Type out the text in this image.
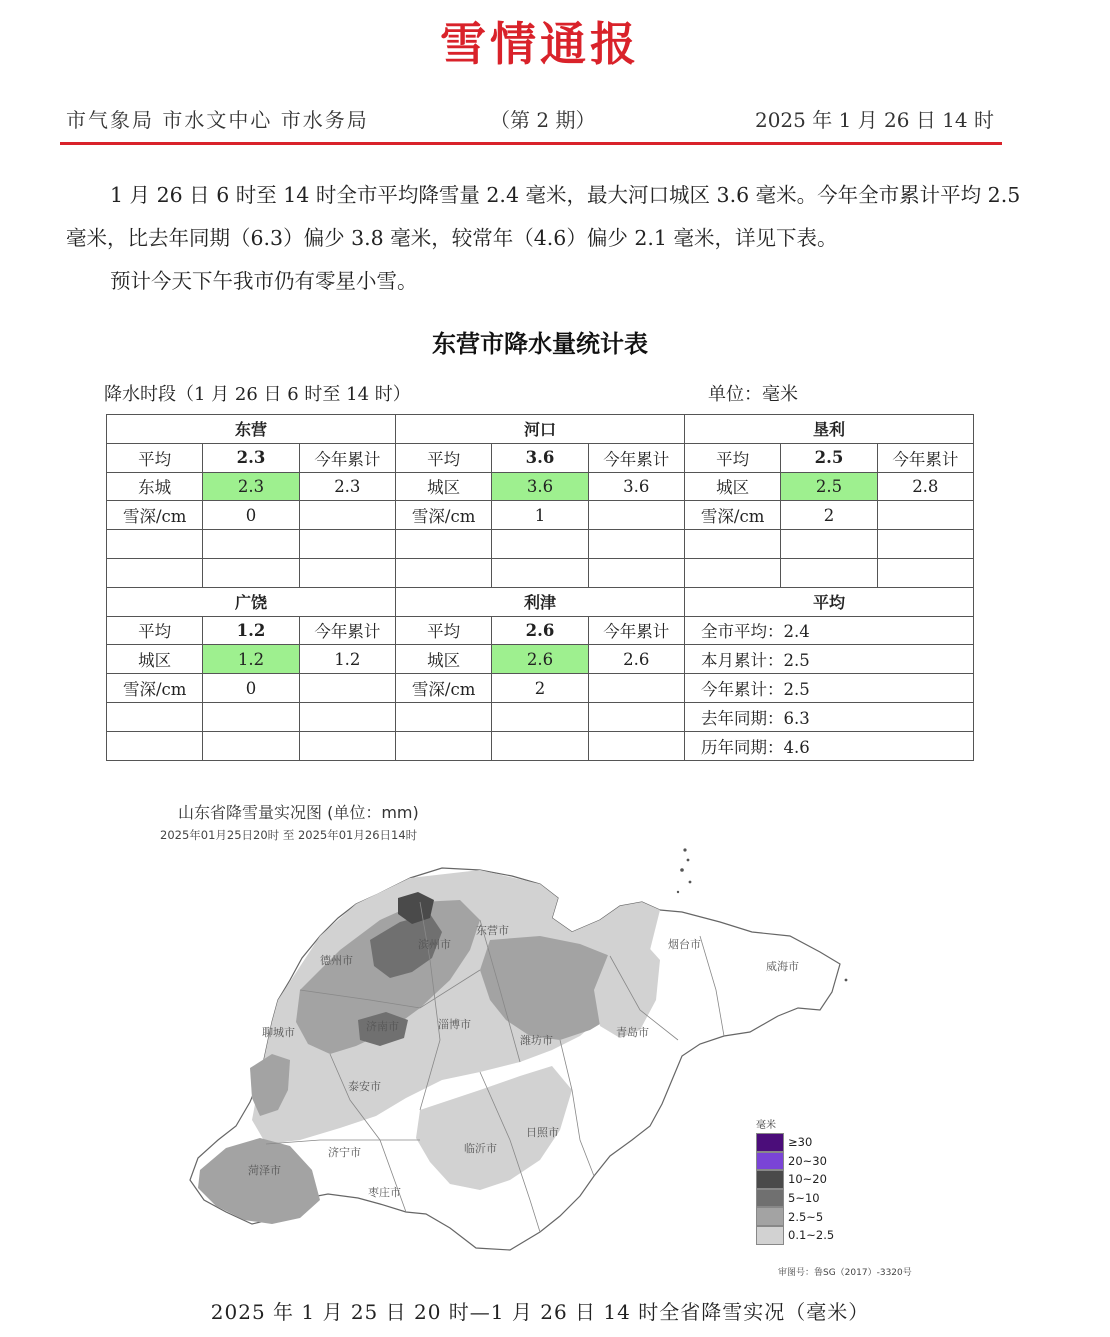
雪情通报
市气象局 市水文中心 市水务局	（第 2 期）	2025 年 1 月 26 日 14 时

1 月 26 日 6 时至 14 时全市平均降雪量 2.4 毫米，最大河口城区 3.6 毫米。今年全市累计平均 2.5 毫米，比去年同期（6.3）偏少 3.8 毫米，较常年（4.6）偏少 2.1 毫米，详见下表。

预计今天下午我市仍有零星小雪。

东营市降水量统计表
降水时段（1 月 26 日 6 时至 14 时）	单位：毫米
东营			河口			垦利		
平均	2.3	今年累计	平均	3.6	今年累计	平均	2.5	今年累计
东城	2.3	2.3	城区	3.6	3.6	城区	2.5	2.8
雪深/cm	0		雪深/cm	1		雪深/cm	2	

广饶			利津			平均		
平均	1.2	今年累计	平均	2.6	今年累计	全市平均：2.4		
城区	1.2	1.2	城区	2.6	2.6	本月累计：2.5		
雪深/cm	0		雪深/cm	2		今年累计：2.5		
						去年同期：6.3		
						历年同期：4.6		
山东省降雪量实况图 (单位：mm)
2025年01月25日20时 至 2025年01月26日14时
烟台市
威海市
滨州市
东营市
德州市
聊城市	济南市	淄博市
潍坊市
青岛市
泰安市
日照市
临沂市
济宁市
菏泽市
枣庄市
毫米
≥30
20~30
10~20
5~10
2.5~5
0.1~2.5
审图号：鲁SG（2017）-3320号
2025 年 1 月 25 日 20 时—1 月 26 日 14 时全省降雪实况（毫米）
